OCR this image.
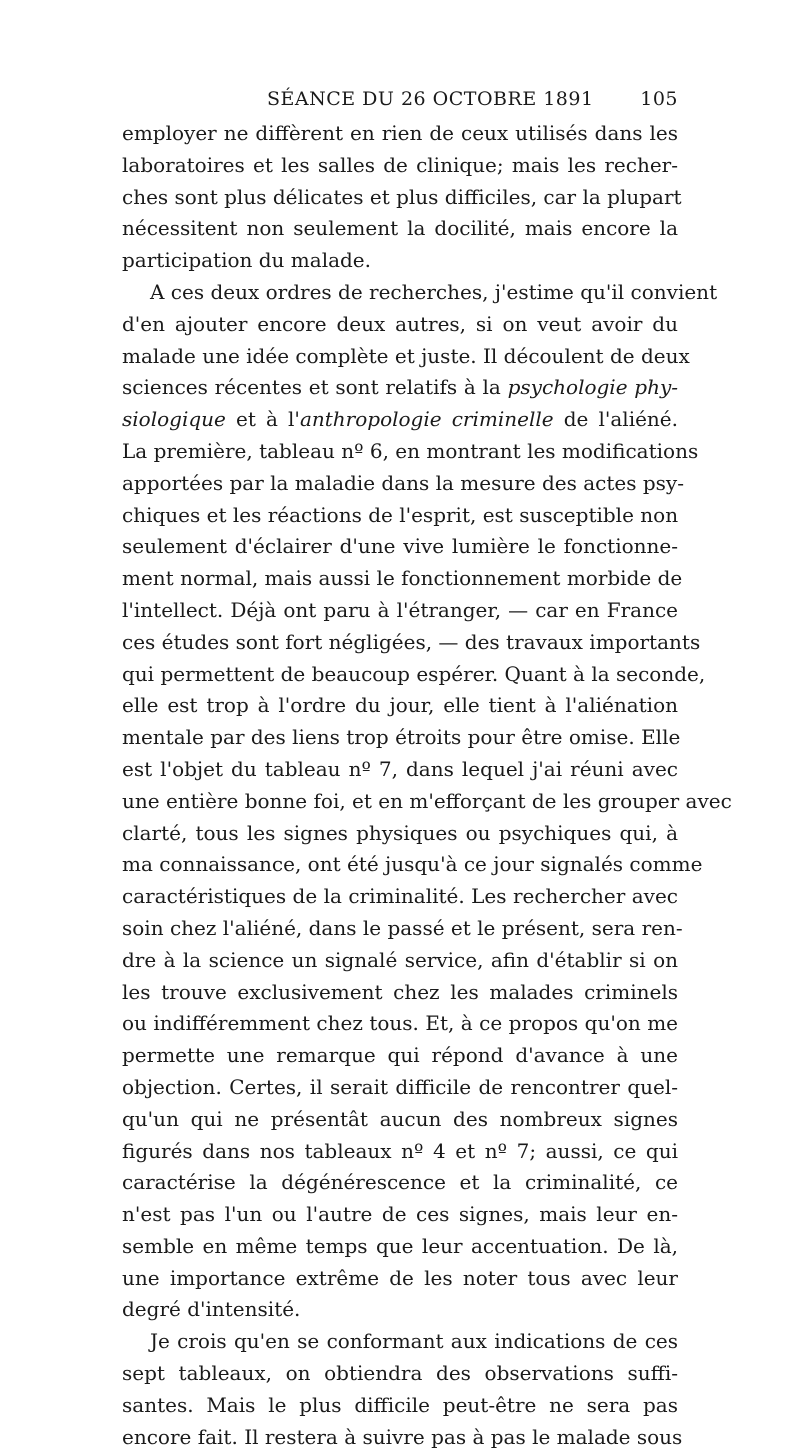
SÉANCE DU 26 OCTOBRE 1891 105
employer ne diffèrent en rien de ceux utilisés dans les
laboratoires et les salles de clinique; mais les recher-
ches sont plus délicates et plus difficiles, car la plupart
nécessitent non seulement la docilité, mais encore la
participation du malade.
A ces deux ordres de recherches, j'estime qu'il convient
d'en ajouter encore deux autres, si on veut avoir du
malade une idée complète et juste. Il découlent de deux
sciences récentes et sont relatifs à la psychologie phy-
siologique et à l'anthropologie criminelle de l'aliéné.
La première, tableau nº 6, en montrant les modifications
apportées par la maladie dans la mesure des actes psy-
chiques et les réactions de l'esprit, est susceptible non
seulement d'éclairer d'une vive lumière le fonctionne-
ment normal, mais aussi le fonctionnement morbide de
l'intellect. Déjà ont paru à l'étranger, — car en France
ces études sont fort négligées, — des travaux importants
qui permettent de beaucoup espérer. Quant à la seconde,
elle est trop à l'ordre du jour, elle tient à l'aliénation
mentale par des liens trop étroits pour être omise. Elle
est l'objet du tableau nº 7, dans lequel j'ai réuni avec
une entière bonne foi, et en m'efforçant de les grouper avec
clarté, tous les signes physiques ou psychiques qui, à
ma connaissance, ont été jusqu'à ce jour signalés comme
caractéristiques de la criminalité. Les rechercher avec
soin chez l'aliéné, dans le passé et le présent, sera ren-
dre à la science un signalé service, afin d'établir si on
les trouve exclusivement chez les malades criminels
ou indifféremment chez tous. Et, à ce propos qu'on me
permette une remarque qui répond d'avance à une
objection. Certes, il serait difficile de rencontrer quel-
qu'un qui ne présentât aucun des nombreux signes
figurés dans nos tableaux nº 4 et nº 7; aussi, ce qui
caractérise la dégénérescence et la criminalité, ce
n'est pas l'un ou l'autre de ces signes, mais leur en-
semble en même temps que leur accentuation. De là,
une importance extrême de les noter tous avec leur
degré d'intensité.
Je crois qu'en se conformant aux indications de ces
sept tableaux, on obtiendra des observations suffi-
santes. Mais le plus difficile peut-être ne sera pas
encore fait. Il restera à suivre pas à pas le malade sous
